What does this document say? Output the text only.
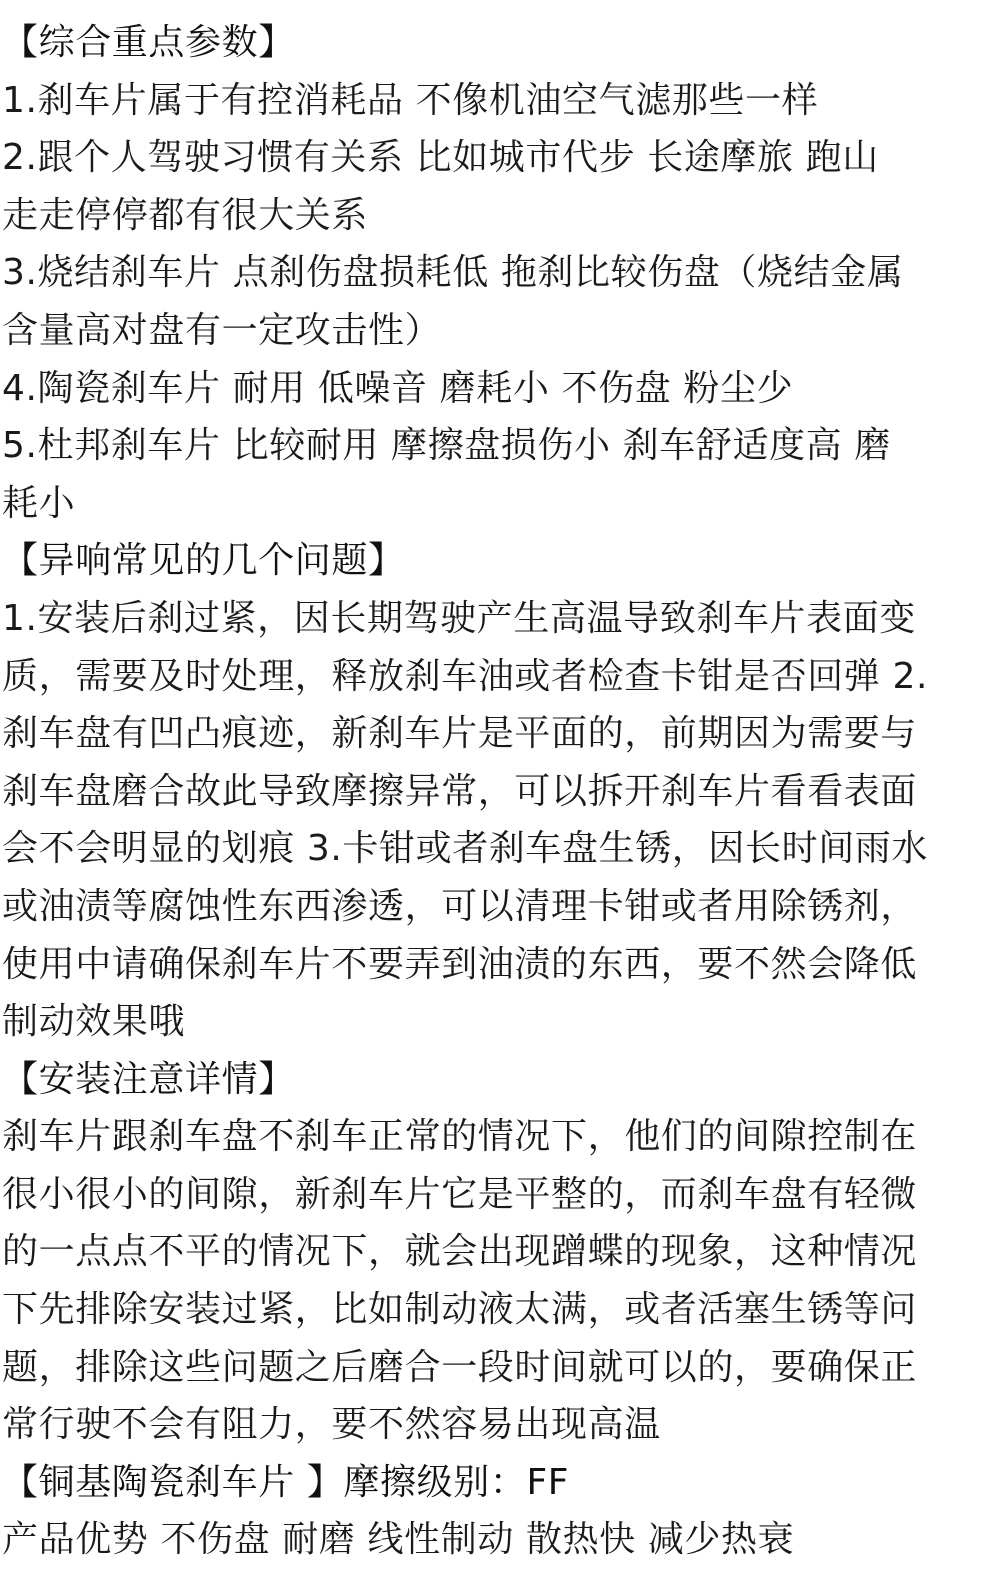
【综合重点参数】
1.刹车片属于有控消耗品 不像机油空气滤那些一样
2.跟个人驾驶习惯有关系 比如城市代步 长途摩旅 跑山
走走停停都有很大关系
3.烧结刹车片 点刹伤盘损耗低 拖刹比较伤盘（烧结金属
含量高对盘有一定攻击性）
4.陶瓷刹车片 耐用 低噪音 磨耗小 不伤盘 粉尘少
5.杜邦刹车片 比较耐用 摩擦盘损伤小 刹车舒适度高 磨
耗小
【异响常见的几个问题】
1.安装后刹过紧，因长期驾驶产生高温导致刹车片表面变
质，需要及时处理，释放刹车油或者检查卡钳是否回弹 2.
刹车盘有凹凸痕迹，新刹车片是平面的，前期因为需要与
刹车盘磨合故此导致摩擦异常，可以拆开刹车片看看表面
会不会明显的划痕 3.卡钳或者刹车盘生锈，因长时间雨水
或油渍等腐蚀性东西渗透，可以清理卡钳或者用除锈剂，
使用中请确保刹车片不要弄到油渍的东西，要不然会降低
制动效果哦
【安装注意详情】
刹车片跟刹车盘不刹车正常的情况下，他们的间隙控制在
很小很小的间隙，新刹车片它是平整的，而刹车盘有轻微
的一点点不平的情况下，就会出现蹭蝶的现象，这种情况
下先排除安装过紧，比如制动液太满，或者活塞生锈等问
题，排除这些问题之后磨合一段时间就可以的，要确保正
常行驶不会有阻力，要不然容易出现高温
【铜基陶瓷刹车片 】摩擦级别：FF
产品优势 不伤盘 耐磨 线性制动 散热快 减少热衰
